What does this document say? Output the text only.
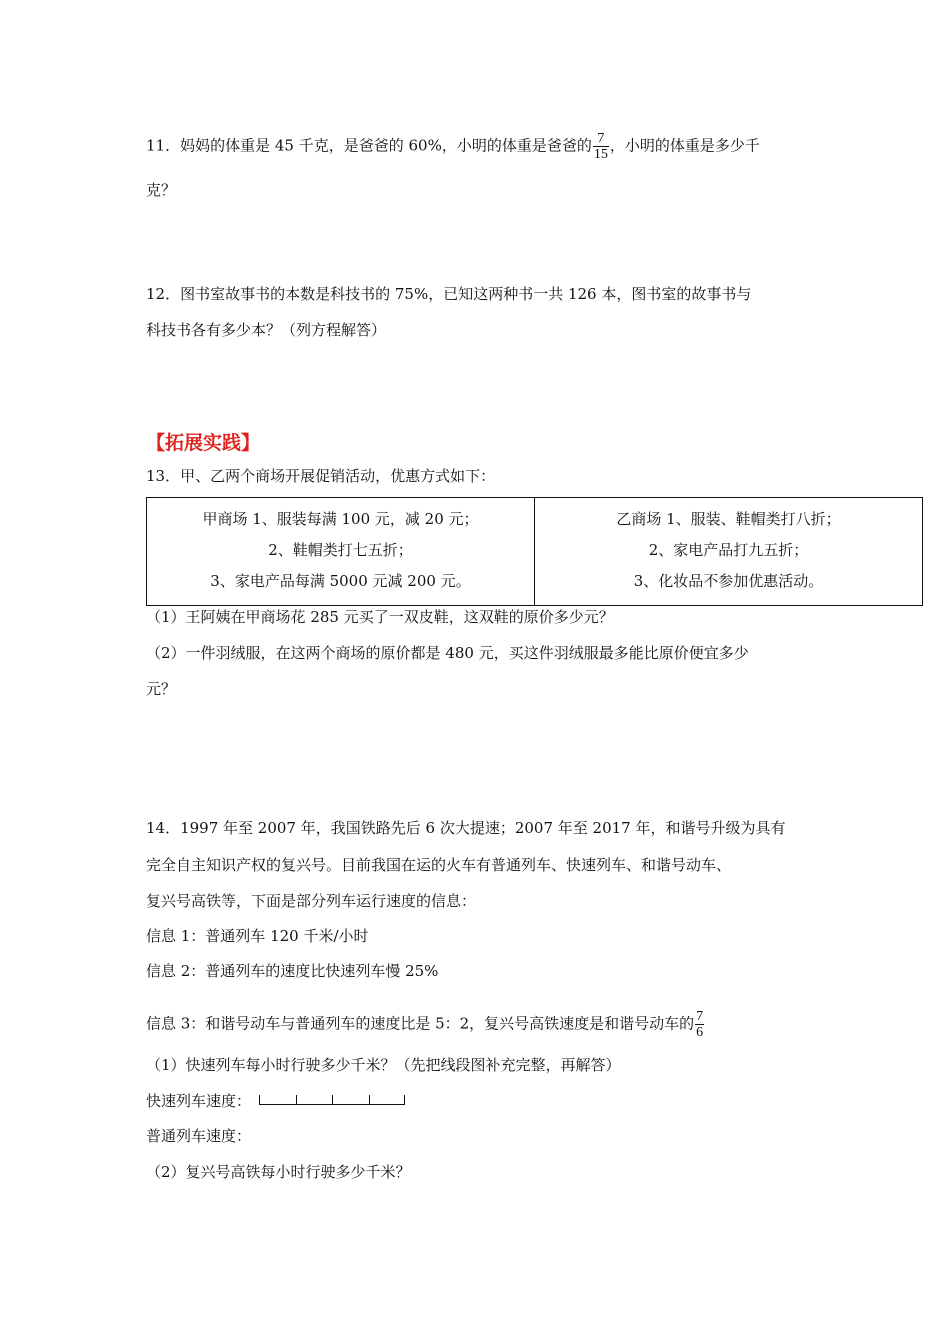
11．妈妈的体重是 45 千克，是爸爸的 60%，小明的体重是爸爸的 $\frac{7}{15}$ ，小明的体重是多少千
克？
12．图书室故事书的本数是科技书的 75%，已知这两种书一共 126 本，图书室的故事书与
科技书各有多少本？（列方程解答）
【拓展实践】
13．甲、乙两个商场开展促销活动，优惠方式如下：
甲商场 1、服装每满 100 元，减 20 元；
2、鞋帽类打七五折；
3、家电产品每满 5000 元减 200 元。

乙商场 1、服装、鞋帽类打八折；
2、家电产品打九五折；
3、化妆品不参加优惠活动。
（1）王阿姨在甲商场花 285 元买了一双皮鞋，这双鞋的原价多少元？
（2）一件羽绒服，在这两个商场的原价都是 480 元，买这件羽绒服最多能比原价便宜多少
元？
14．1997 年至 2007 年，我国铁路先后 6 次大提速；2007 年至 2017 年，和谐号升级为具有
完全自主知识产权的复兴号。目前我国在运的火车有普通列车、快速列车、和谐号动车、
复兴号高铁等，下面是部分列车运行速度的信息：
信息 1：普通列车 120 千米/小时
信息 2：普通列车的速度比快速列车慢 25%
信息 3：和谐号动车与普通列车的速度比是 5：2，复兴号高铁速度是和谐号动车的 $\frac{7}{6}$
（1）快速列车每小时行驶多少千米？（先把线段图补充完整，再解答）
快速列车速度：
普通列车速度：
（2）复兴号高铁每小时行驶多少千米？
